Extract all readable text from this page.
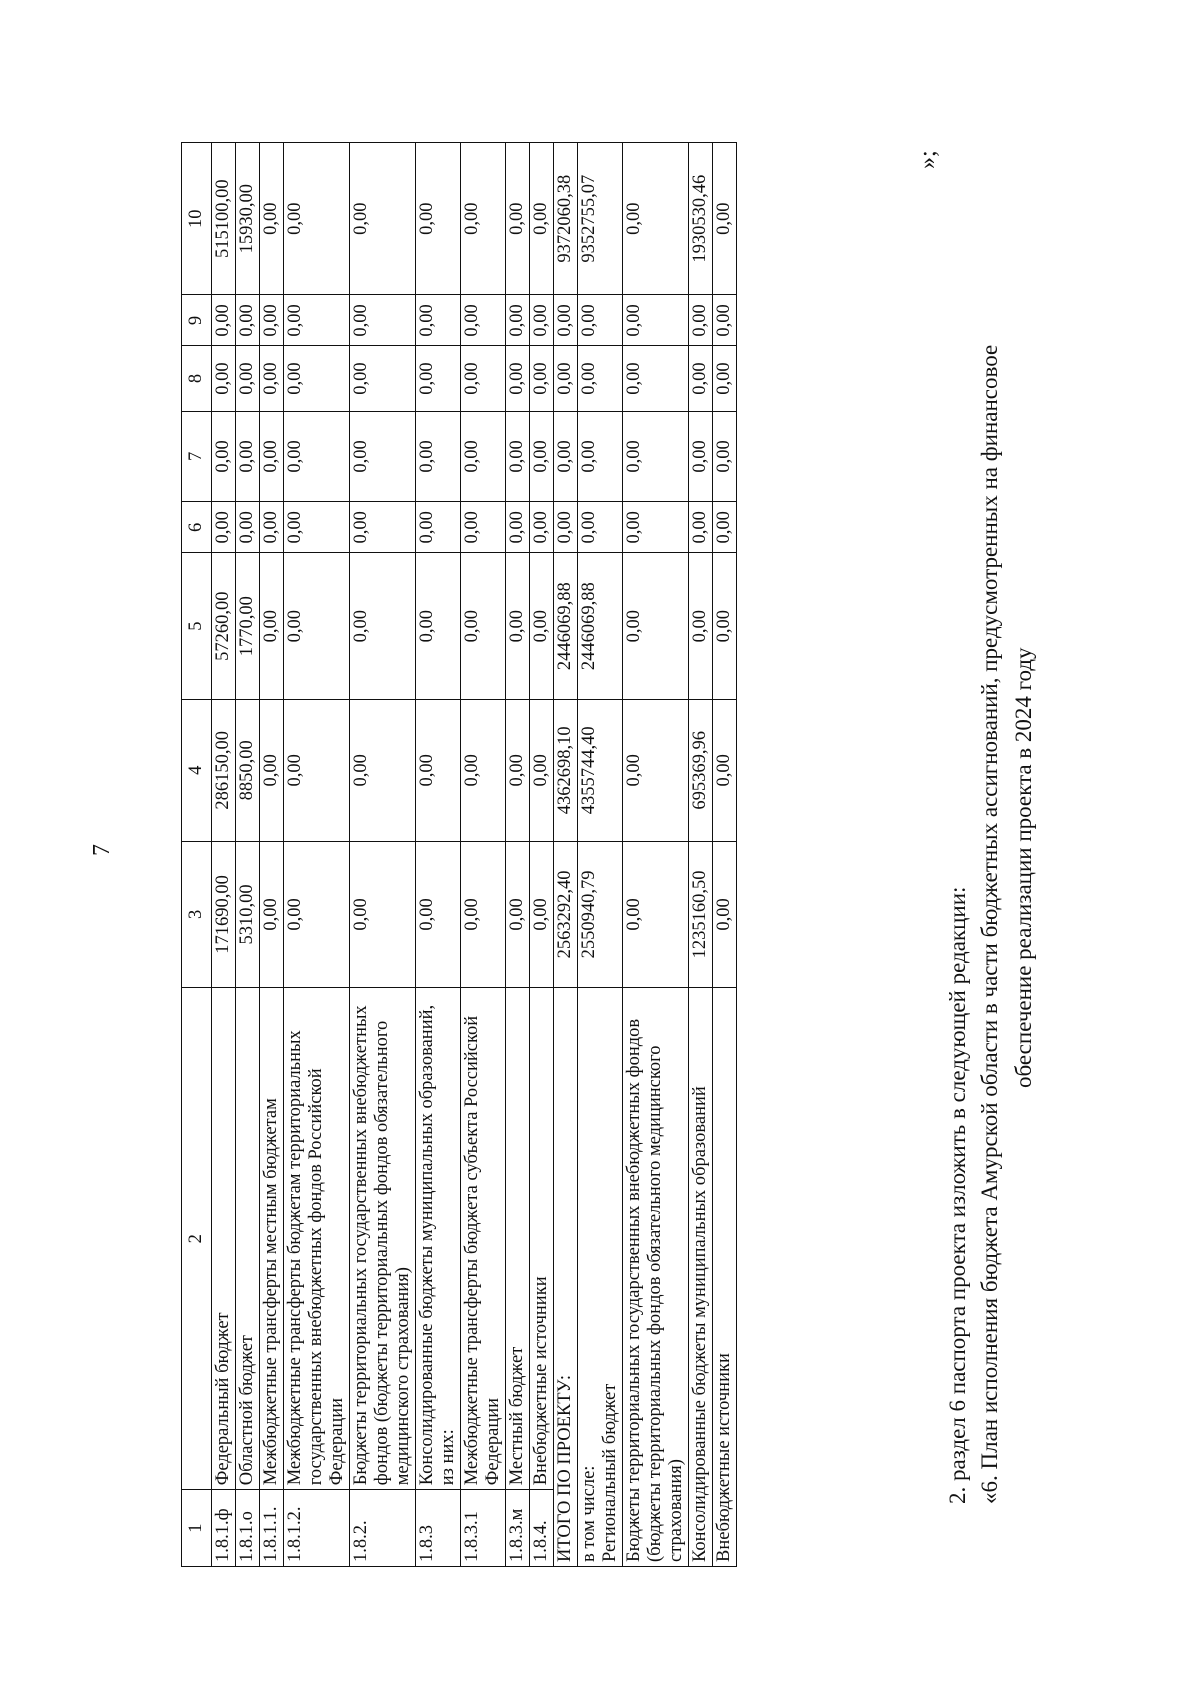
7
1	2	3	4	5	6	7	8	9	10
1.8.1.ф	Федеральный бюджет	171690,00	286150,00	57260,00	0,00	0,00	0,00	0,00	515100,00
1.8.1.о	Областной бюджет	5310,00	8850,00	1770,00	0,00	0,00	0,00	0,00	15930,00
1.8.1.1.	Межбюджетные трансферты местным бюджетам	0,00	0,00	0,00	0,00	0,00	0,00	0,00	0,00
1.8.1.2.	Межбюджетные трансферты бюджетам территориальных государственных внебюджетных фондов Российской Федерации	0,00	0,00	0,00	0,00	0,00	0,00	0,00	0,00
1.8.2.	Бюджеты территориальных государственных внебюджетных фондов (бюджеты территориальных фондов обязательного медицинского страхования)	0,00	0,00	0,00	0,00	0,00	0,00	0,00	0,00
1.8.3	Консолидированные бюджеты муниципальных образований, из них:	0,00	0,00	0,00	0,00	0,00	0,00	0,00	0,00
1.8.3.1	Межбюджетные трансферты бюджета субъекта Российской Федерации	0,00	0,00	0,00	0,00	0,00	0,00	0,00	0,00
1.8.3.м	Местный бюджет	0,00	0,00	0,00	0,00	0,00	0,00	0,00	0,00
1.8.4.	Внебюджетные источники	0,00	0,00	0,00	0,00	0,00	0,00	0,00	0,00
ИТОГО ПО ПРОЕКТУ:		2563292,40	4362698,10	2446069,88	0,00	0,00	0,00	0,00	9372060,38

в том числе: Региональный бюджет		2550940,79	4355744,40	2446069,88	0,00	0,00	0,00	0,00	9352755,07
Бюджеты территориальных государственных внебюджетных фондов (бюджеты территориальных фондов обязательного медицинского страхования)		0,00	0,00	0,00	0,00	0,00	0,00	0,00	0,00
Консолидированные бюджеты муниципальных образований		1235160,50	695369,96	0,00	0,00	0,00	0,00	0,00	1930530,46
Внебюджетные источники		0,00	0,00	0,00	0,00	0,00	0,00	0,00	0,00
»;
2. раздел 6 паспорта проекта изложить в следующей редакции: «6. План исполнения бюджета Амурской области в части бюджетных ассигнований, предусмотренных на финансовое обеспечение реализации проекта в 2024 году
